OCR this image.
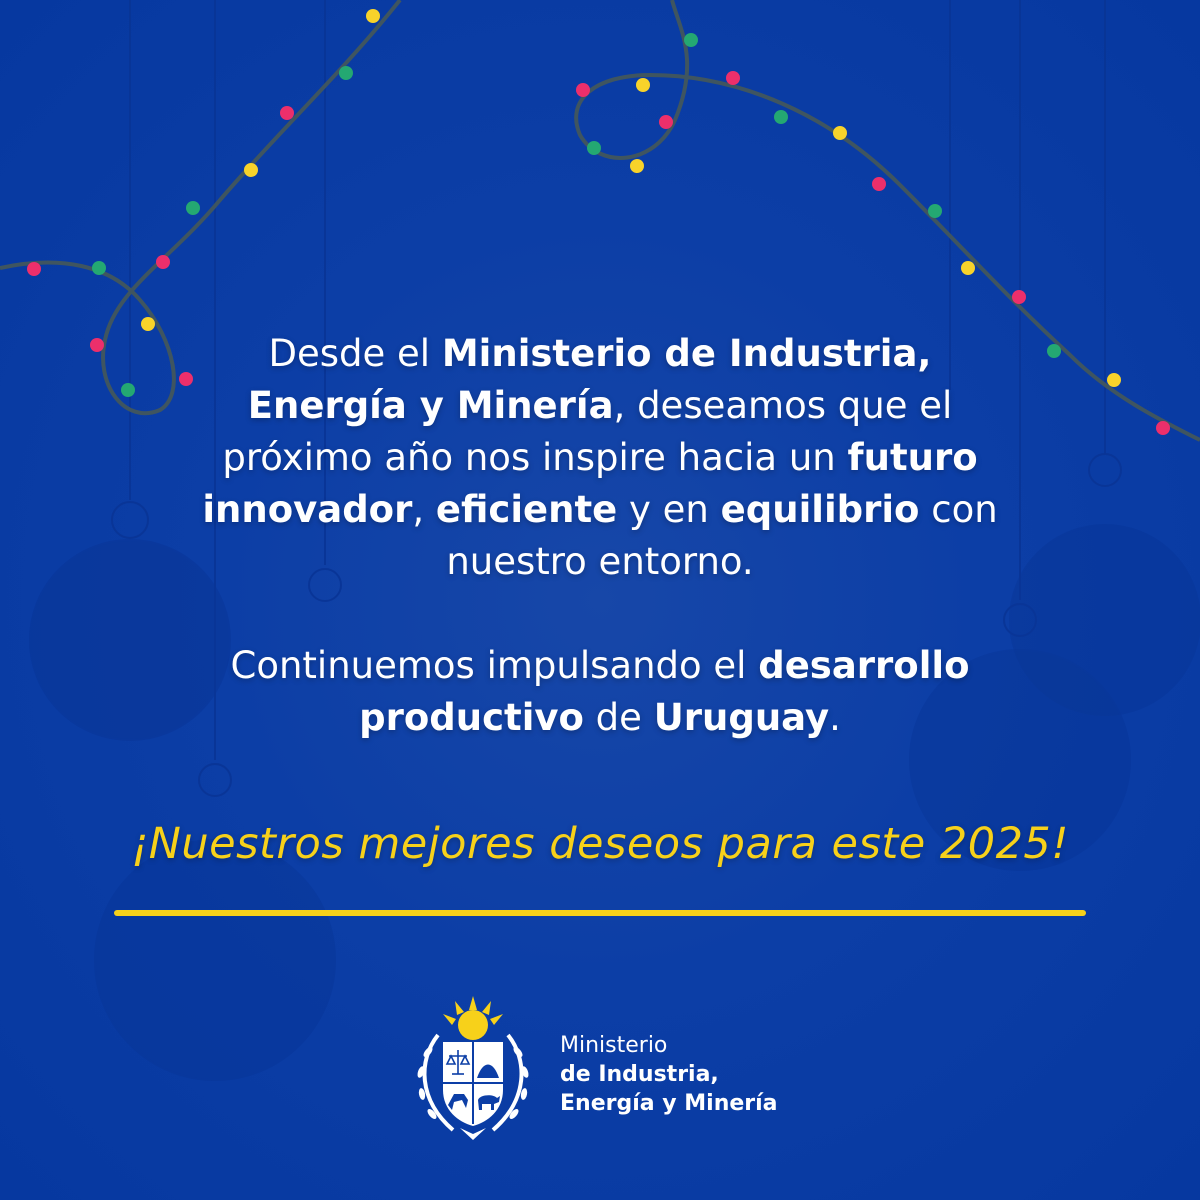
Desde el Ministerio de Industria,
Energía y Minería, deseamos que el
próximo año nos inspire hacia un futuro
innovador, eficiente y en equilibrio con
nuestro entorno.

Continuemos impulsando el desarrollo
productivo de Uruguay.

¡Nuestros mejores deseos para este 2025!
Ministerio
de Industria,
Energía y Minería
